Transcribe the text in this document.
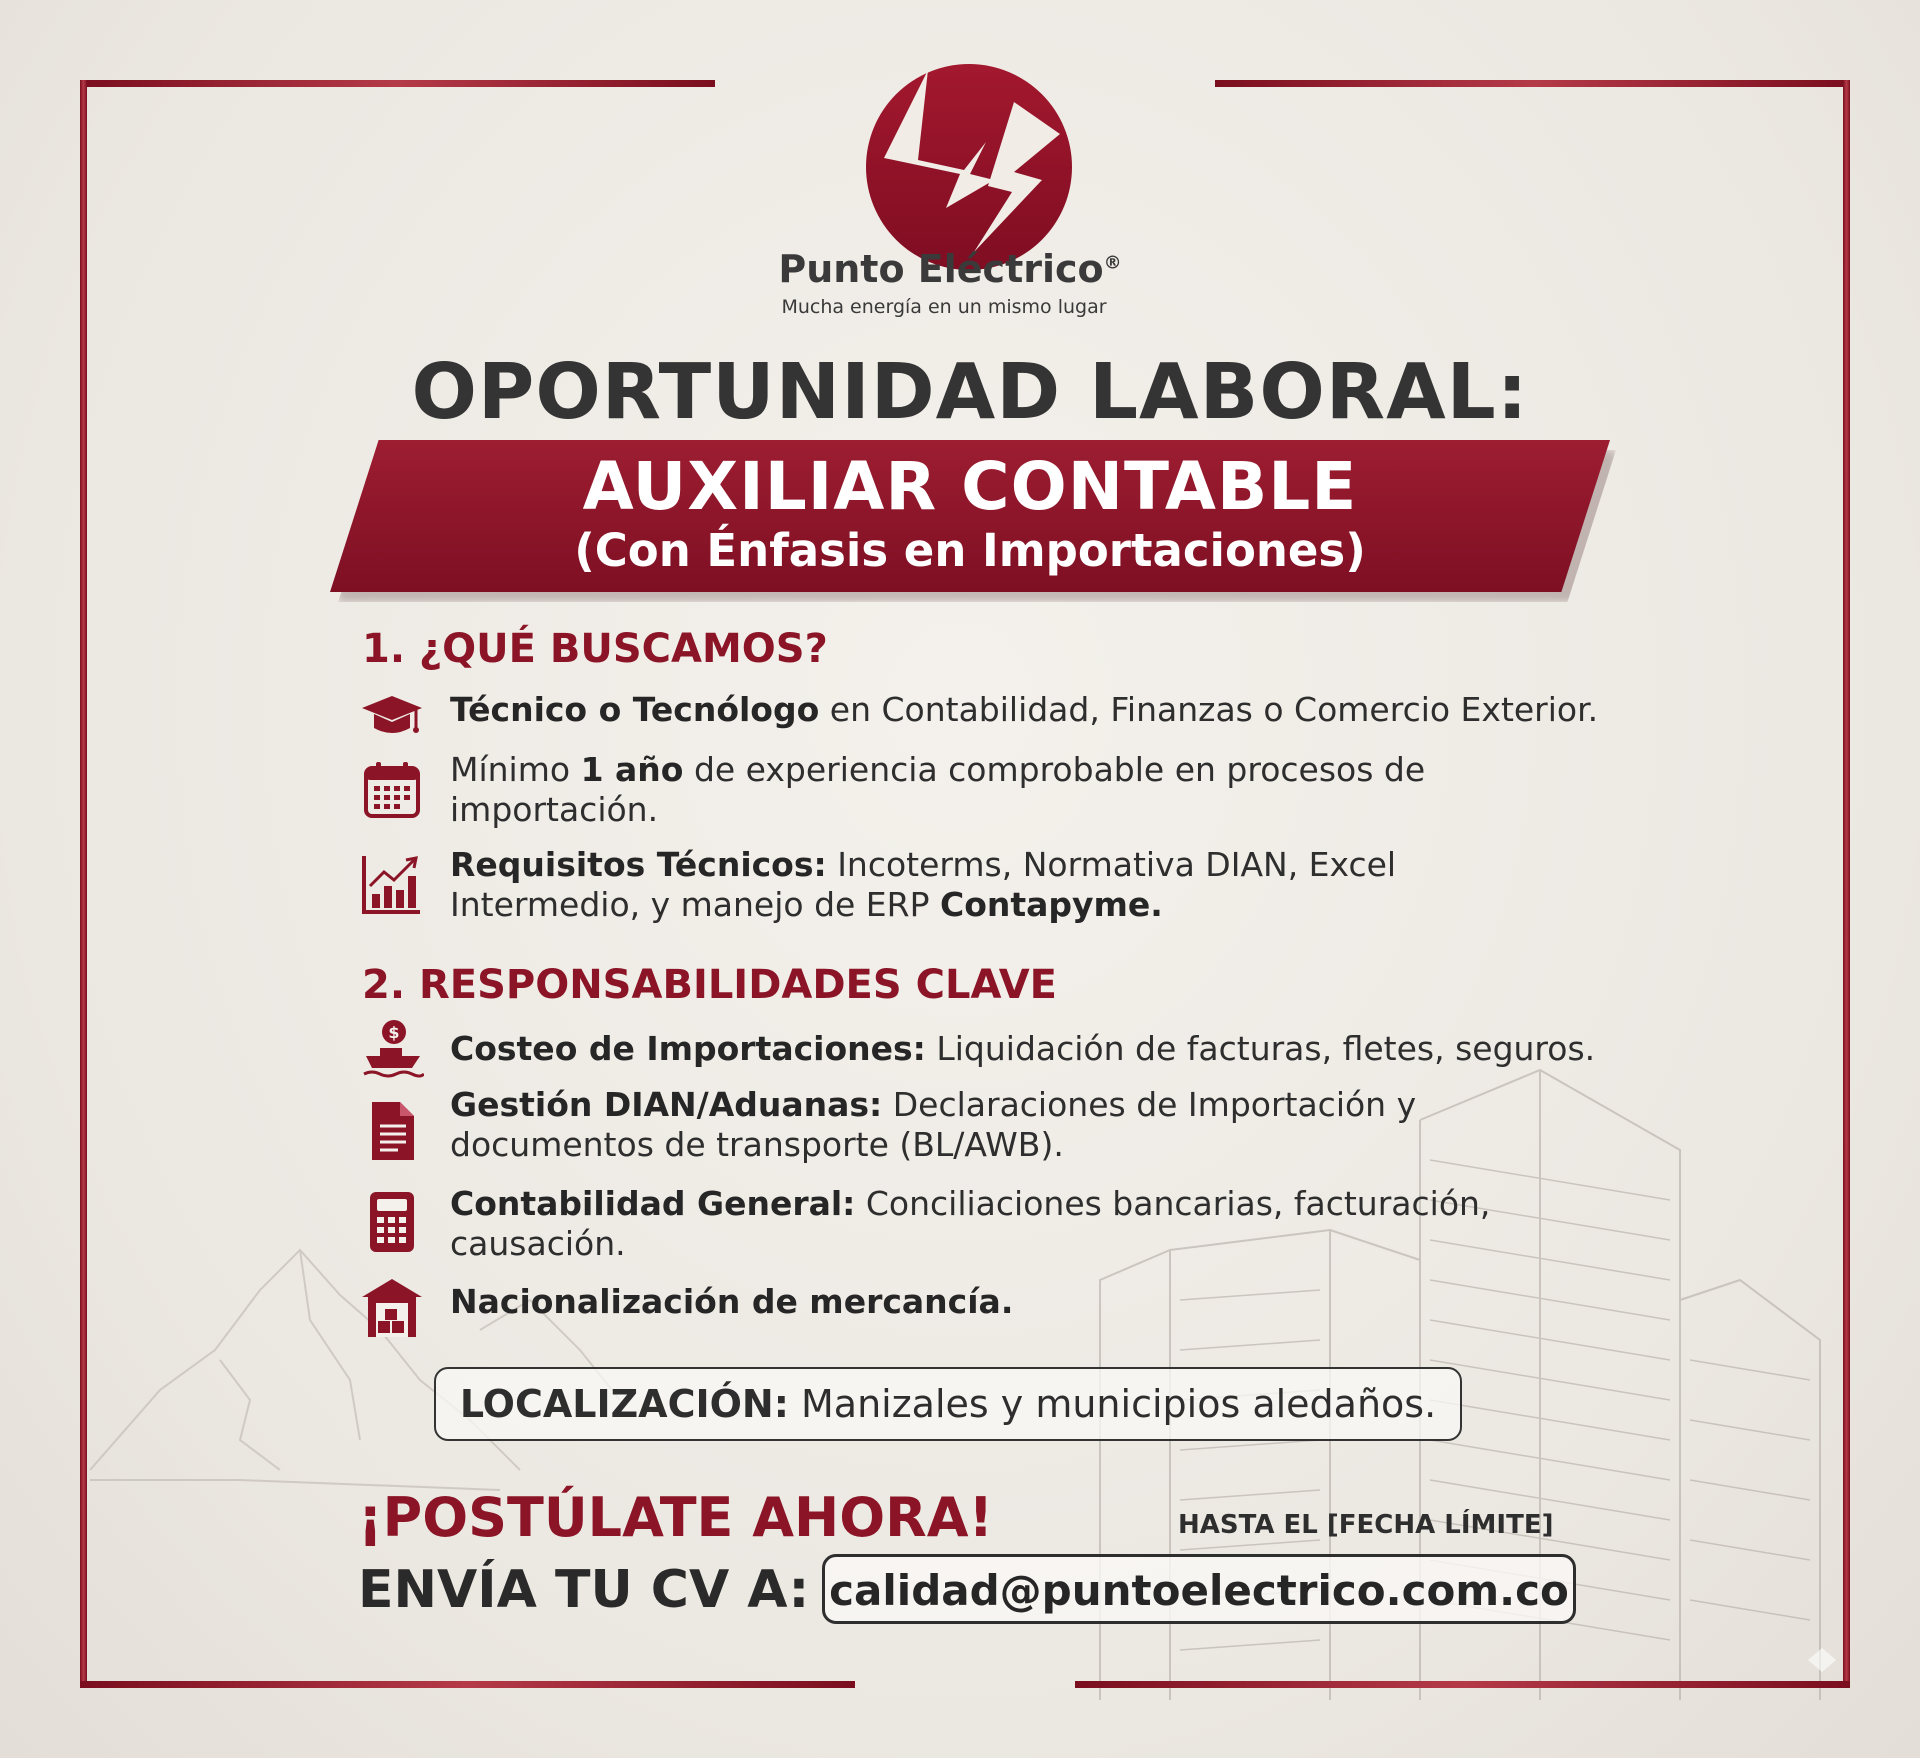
Punto Eléctrico®
Mucha energía en un mismo lugar
OPORTUNIDAD LABORAL:
AUXILIAR CONTABLE
(Con Énfasis en Importaciones)
1. ¿QUÉ BUSCAMOS?
Técnico o Tecnólogo en Contabilidad, Finanzas o Comercio Exterior.
Mínimo 1 año de experiencia comprobable en procesos de importación.
Requisitos Técnicos: Incoterms, Normativa DIAN, Excel Intermedio, y manejo de ERP Contapyme.
2. RESPONSABILIDADES CLAVE
$ Costeo de Importaciones: Liquidación de facturas, fletes, seguros.
Gestión DIAN/Aduanas: Declaraciones de Importación y documentos de transporte (BL/AWB).
Contabilidad General: Conciliaciones bancarias, facturación, causación.
Nacionalización de mercancía.
LOCALIZACIÓN: Manizales y municipios aledaños.
¡POSTÚLATE AHORA!	HASTA EL [FECHA LÍMITE]
ENVÍA TU CV A: calidad@puntoelectrico.com.co
